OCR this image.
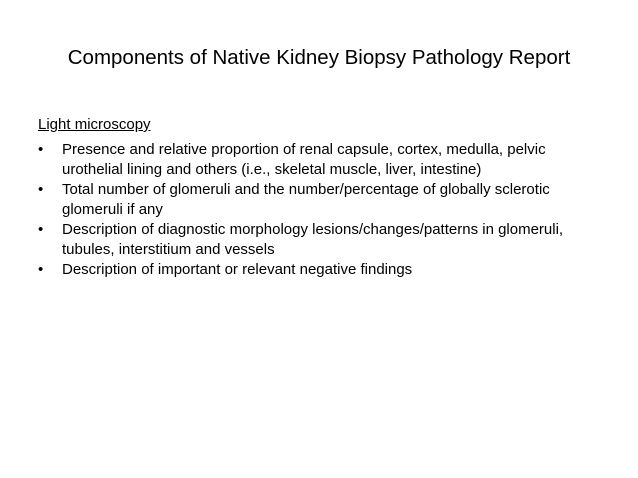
Components of Native Kidney Biopsy Pathology Report
Light microscopy
•	Presence and relative proportion of renal capsule, cortex, medulla, pelvic
urothelial lining and others (i.e., skeletal muscle, liver, intestine)
•	Total number of glomeruli and the number/percentage of globally sclerotic
glomeruli if any
•	Description of diagnostic morphology lesions/changes/patterns in glomeruli,
tubules, interstitium and vessels
•	Description of important or relevant negative findings
